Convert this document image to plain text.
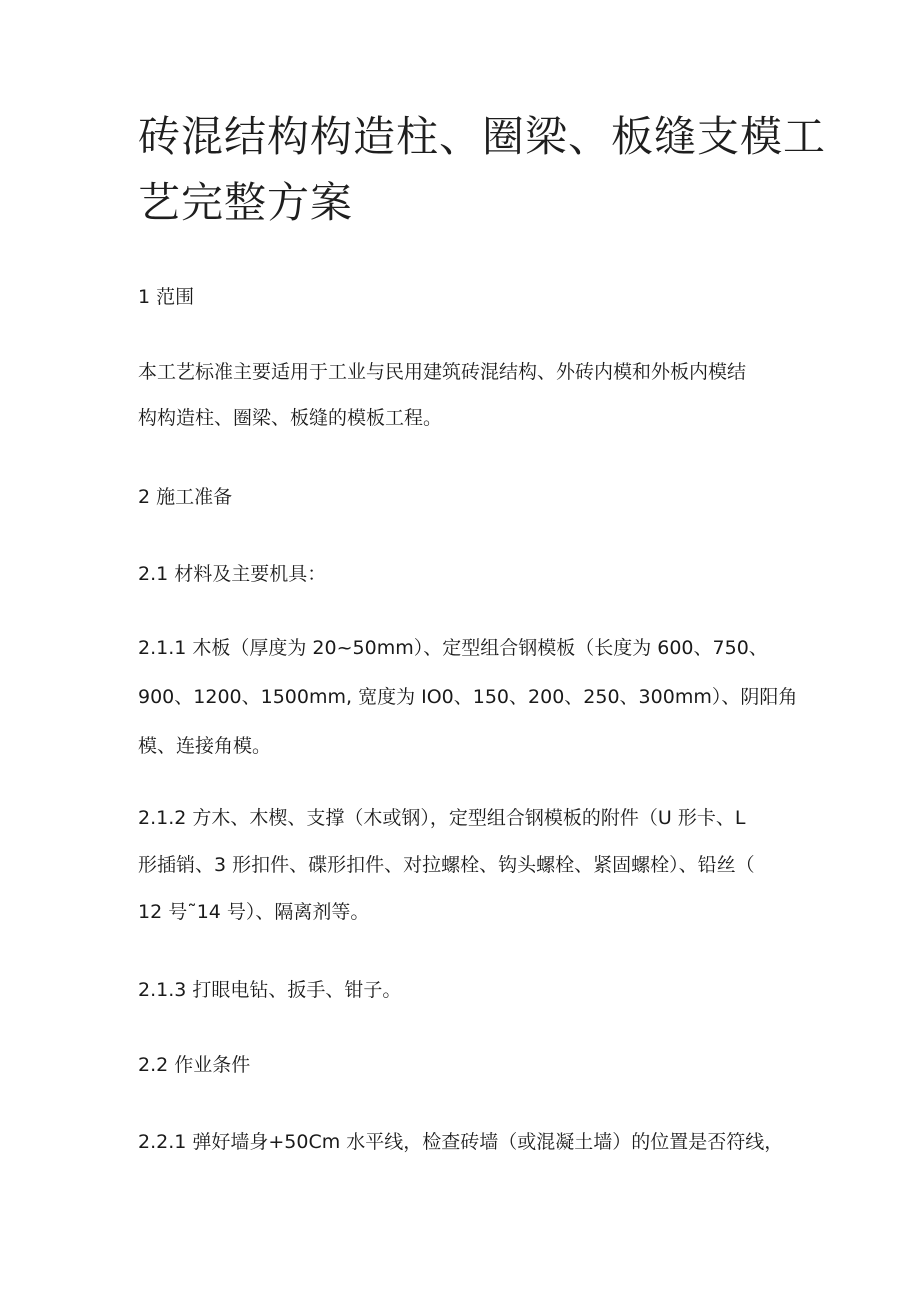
砖混结构构造柱、圈梁、板缝支模工
艺完整方案

1 范围

本工艺标准主要适用于工业与民用建筑砖混结构、外砖内模和外板内模结

构构造柱、圈梁、板缝的模板工程。

2 施工准备

2.1 材料及主要机具：

2.1.1 木板（厚度为 20~50mm）、定型组合钢模板（长度为 600、750、

900、1200、1500mm, 宽度为 IO0、150、200、250、300mm）、阴阳角

模、连接角模。

2.1.2 方木、木楔、支撑（木或钢），定型组合钢模板的附件（U 形卡、L

形插销、3 形扣件、碟形扣件、对拉螺栓、钩头螺栓、紧固螺栓）、铅丝（

12 号˜14 号）、隔离剂等。

2.1.3 打眼电钻、扳手、钳子。

2.2 作业条件

2.2.1 弹好墙身+50Cm 水平线，检查砖墙（或混凝土墙）的位置是否符线，
